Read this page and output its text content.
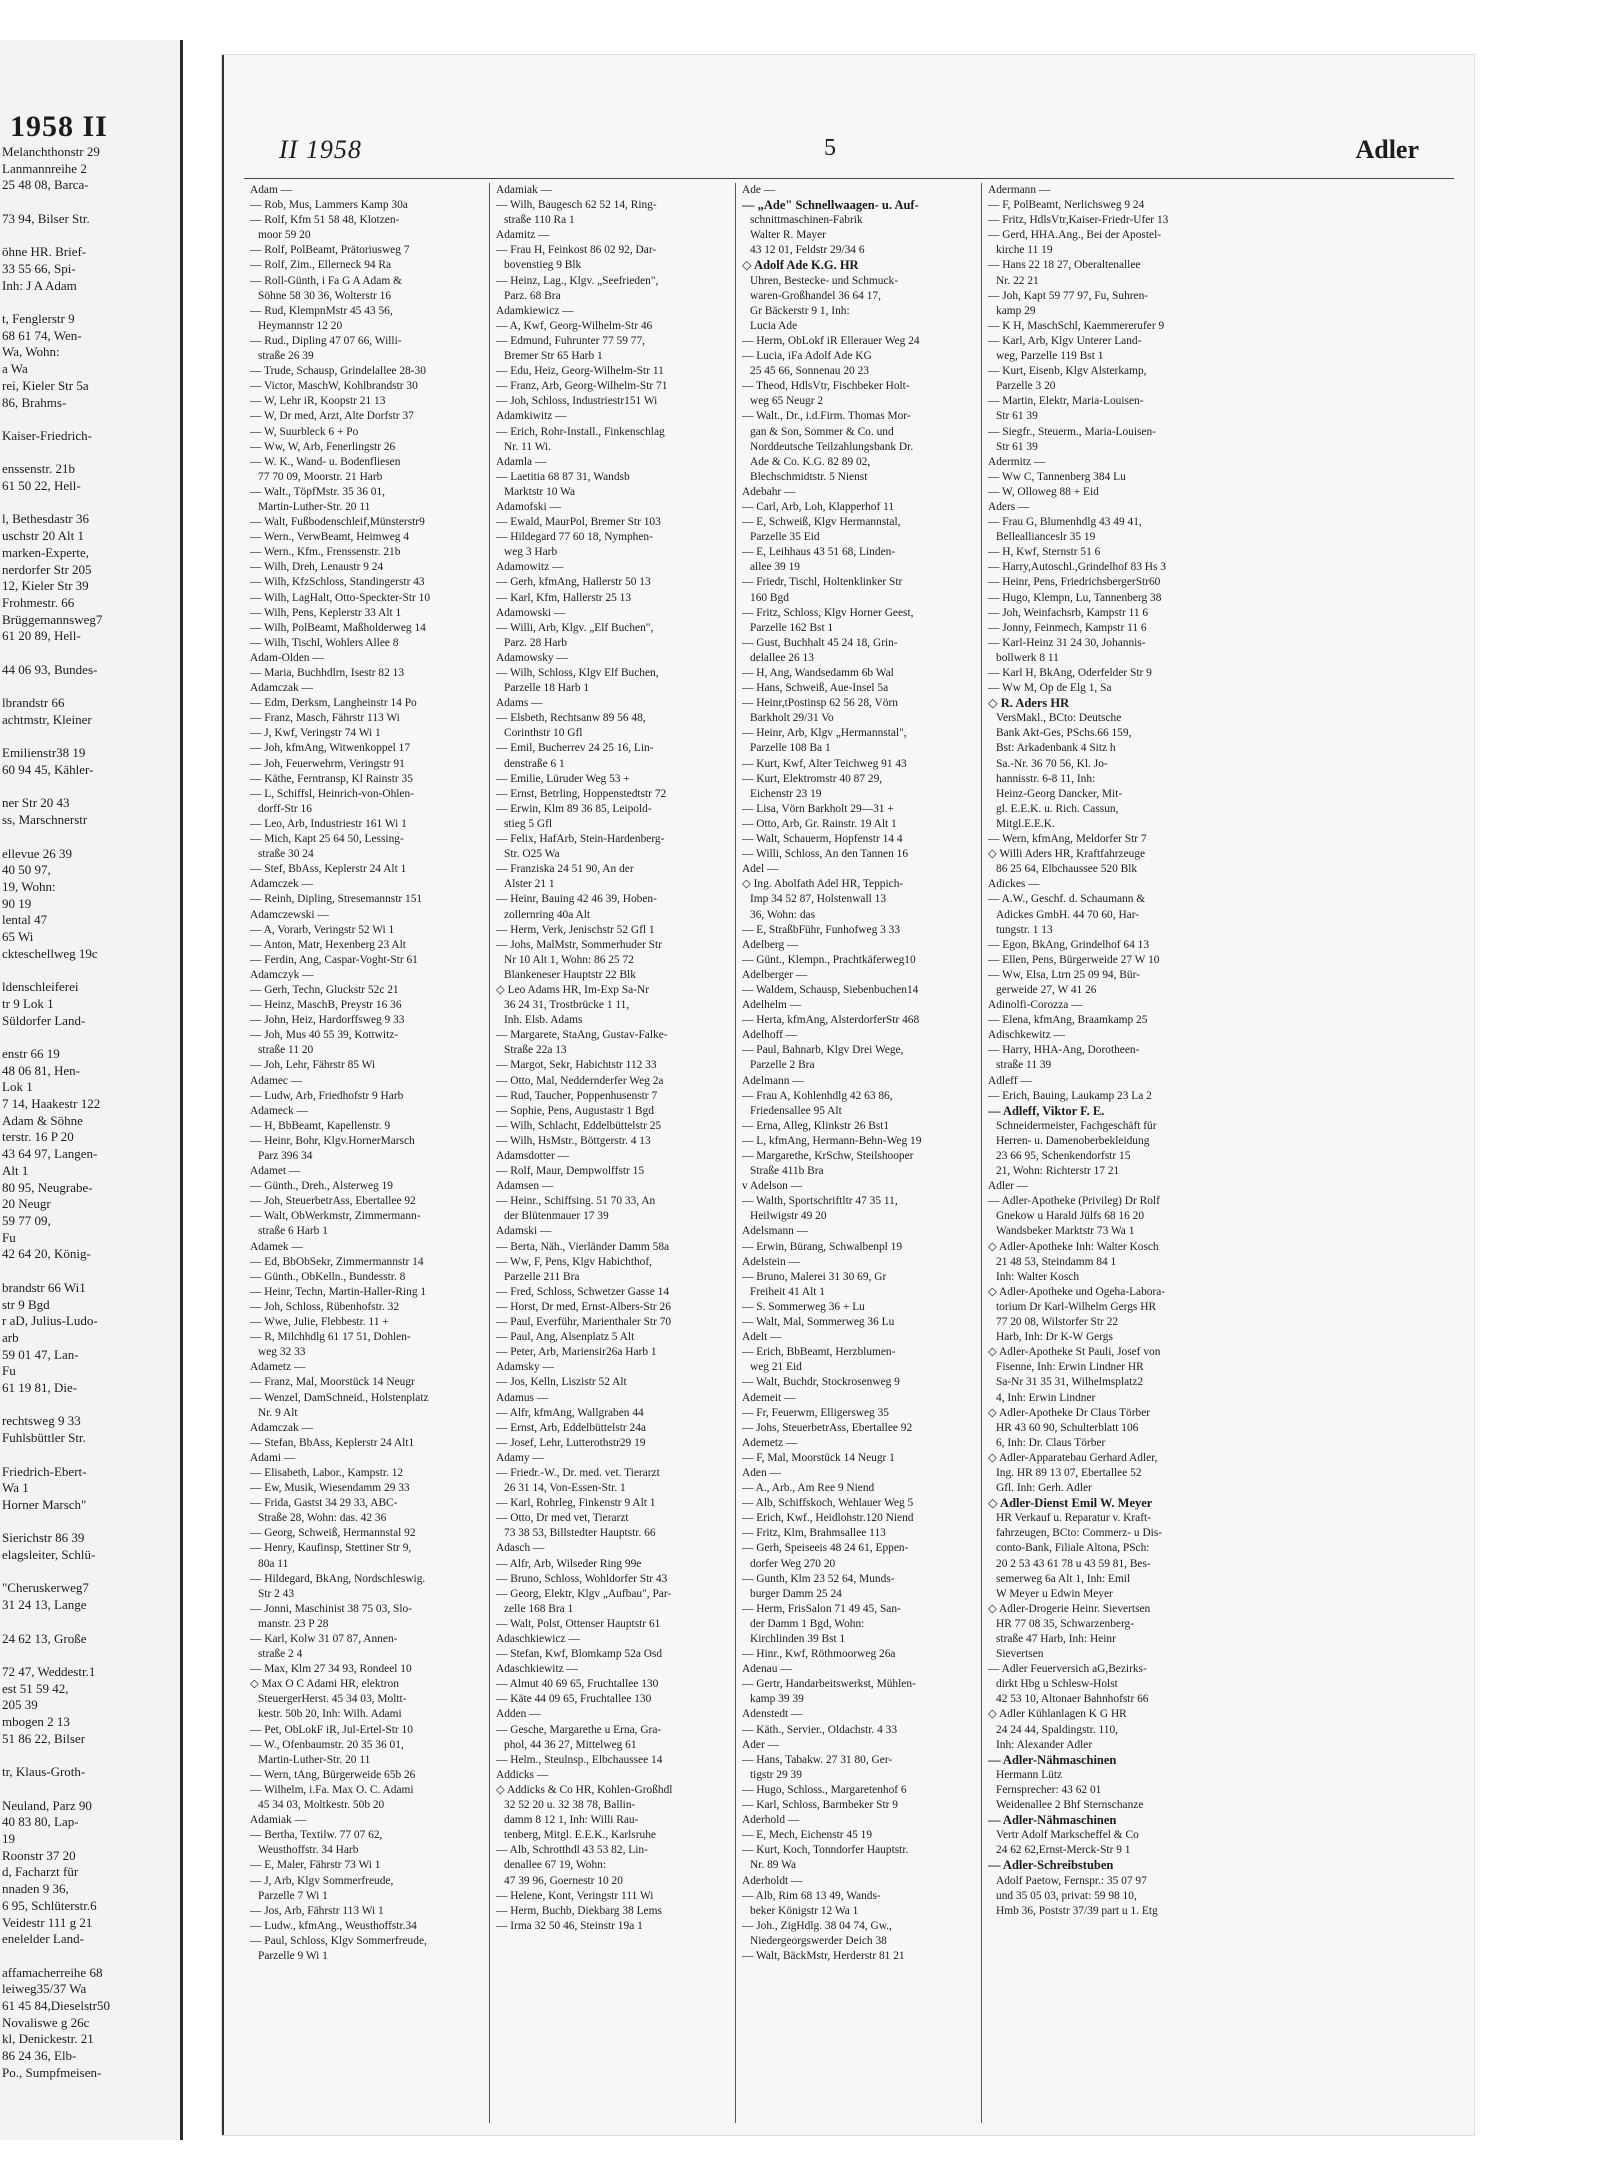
1958 II
Melanchthonstr 29
Lanmannreihe 2
25 48 08, Barca-

73 94, Bilser Str.

öhne HR. Brief-
33 55 66, Spi-
Inh: J A Adam

t, Fenglerstr 9
68 61 74, Wen-
Wa, Wohn:
a Wa
rei, Kieler Str 5a
86, Brahms-

Kaiser-Friedrich-

enssenstr. 21b
61 50 22, Hell-

l, Bethesdastr 36
uschstr 20 Alt 1
marken-Experte,
nerdorfer Str 205
12, Kieler Str 39
Frohmestr. 66
Brüggemannsweg7
61 20 89, Hell-

44 06 93, Bundes-

lbrandstr 66
achtmstr, Kleiner

Emilienstr38 19
60 94 45, Kähler-

ner Str 20 43
ss, Marschnerstr

ellevue 26 39
40 50 97,
19, Wohn:
90 19
lental 47
65 Wi
ckteschellweg 19c

ldenschleiferei
tr 9 Lok 1
Süldorfer Land-

enstr 66 19
48 06 81, Hen-
Lok 1
7 14, Haakestr 122
Adam & Söhne
terstr. 16 P 20
43 64 97, Langen-
Alt 1
80 95, Neugrabe-
20 Neugr
59 77 09,
Fu
42 64 20, König-

brandstr 66 Wi1
str 9 Bgd
r aD, Julius-Ludo-
arb
59 01 47, Lan-
Fu
61 19 81, Die-

rechtsweg 9 33
Fuhlsbüttler Str.

Friedrich-Ebert-
Wa 1
Horner Marsch"

Sierichstr 86 39
elagsleiter, Schlü-

"Cheruskerweg7
31 24 13, Lange

24 62 13, Große

72 47, Weddestr.1
est 51 59 42,
205 39
mbogen 2 13
51 86 22, Bilser

tr, Klaus-Groth-

Neuland, Parz 90
40 83 80, Lap-
19
Roonstr 37 20
d, Facharzt für
nnaden 9 36,
6 95, Schlüterstr.6
Veidestr 111 g 21
enelelder Land-

affamacherreihe 68
leiweg35/37 Wa
61 45 84,Dieselstr50
Novaliswe g 26c
kl, Denickestr. 21
86 24 36, Elb-
Po., Sumpfmeisen-
II 1958	5	Adler
Adam —
— Rob, Mus, Lammers Kamp 30a
— Rolf, Kfm 51 58 48, Klotzen-
moor 59 20
— Rolf, PolBeamt, Prätoriusweg 7
— Rolf, Zim., Ellerneck 94 Ra
— Roll-Günth, i Fa G A Adam &
Söhne 58 30 36, Wolterstr 16
— Rud, KlempnMstr 45 43 56,
Heymannstr 12 20
— Rud., Dipling 47 07 66, Willi-
straße 26 39
— Trude, Schausp, Grindelallee 28-30
— Victor, MaschW, Kohlbrandstr 30
— W, Lehr iR, Koopstr 21 13
— W, Dr med, Arzt, Alte Dorfstr 37
— W, Suurbleck 6 + Po
— Ww, W, Arb, Fenerlingstr 26
— W. K., Wand- u. Bodenfliesen
77 70 09, Moorstr. 21 Harb
— Walt., TöpfMstr. 35 36 01,
Martin-Luther-Str. 20 11
— Walt, Fußbodenschleif,Münsterstr9
— Wern., VerwBeamt, Heimweg 4
— Wern., Kfm., Frenssenstr. 21b
— Wilh, Dreh, Lenaustr 9 24
— Wilh, KfzSchloss, Standingerstr 43
— Wilh, LagHalt, Otto-Speckter-Str 10
— Wilh, Pens, Keplerstr 33 Alt 1
— Wilh, PolBeamt, Maßholderweg 14
— Wilh, Tischl, Wohlers Allee 8
Adam-Olden —
— Maria, Buchhdlrn, Isestr 82 13
Adamczak —
— Edm, Derksm, Langheinstr 14 Po
— Franz, Masch, Fährstr 113 Wi
— J, Kwf, Veringstr 74 Wi 1
— Joh, kfmAng, Witwenkoppel 17
— Joh, Feuerwehrm, Veringstr 91
— Käthe, Ferntransp, Kl Rainstr 35
— L, Schiffsl, Heinrich-von-Ohlen-
dorff-Str 16
— Leo, Arb, Industriestr 161 Wi 1
— Mich, Kapt 25 64 50, Lessing-
straße 30 24
— Stef, BbAss, Keplerstr 24 Alt 1
Adamczek —
— Reinh, Dipling, Stresemannstr 151
Adamczewski —
— A, Vorarb, Veringstr 52 Wi 1
— Anton, Matr, Hexenberg 23 Alt
— Ferdin, Ang, Caspar-Voght-Str 61
Adamczyk —
— Gerh, Techn, Gluckstr 52c 21
— Heinz, MaschB, Preystr 16 36
— John, Heiz, Hardorffsweg 9 33
— Joh, Mus 40 55 39, Kottwitz-
straße 11 20
— Joh, Lehr, Fährstr 85 Wi
Adamec —
— Ludw, Arb, Friedhofstr 9 Harb
Adameck —
— H, BbBeamt, Kapellenstr. 9
— Heinr, Bohr, Klgv.HornerMarsch
Parz 396 34
Adamet —
— Günth., Dreh., Alsterweg 19
— Joh, SteuerbetrAss, Ebertallee 92
— Walt, ObWerkmstr, Zimmermann-
straße 6 Harb 1
Adamek —
— Ed, BbObSekr, Zimmermannstr 14
— Günth., ObKelln., Bundesstr. 8
— Heinr, Techn, Martin-Haller-Ring 1
— Joh, Schloss, Rübenhofstr. 32
— Wwe, Julie, Flebbestr. 11 +
— R, Milchhdlg 61 17 51, Dohlen-
weg 32 33
Adametz —
— Franz, Mal, Moorstück 14 Neugr
— Wenzel, DamSchneid., Holstenplatz
Nr. 9 Alt
Adamczak —
— Stefan, BbAss, Keplerstr 24 Alt1
Adami —
— Elisabeth, Labor., Kampstr. 12
— Ew, Musik, Wiesendamm 29 33
— Frida, Gastst 34 29 33, ABC-
Straße 28, Wohn: das. 42 36
— Georg, Schweiß, Hermannstal 92
— Henry, Kaufinsp, Stettiner Str 9,
80a 11
— Hildegard, BkAng, Nordschleswig.
Str 2 43
— Jonni, Maschinist 38 75 03, Slo-
manstr. 23 P 28
— Karl, Kolw 31 07 87, Annen-
straße 2 4
— Max, Klm 27 34 93, Rondeel 10
◇ Max O C Adami HR, elektron
SteuergerHerst. 45 34 03, Moltt-
kestr. 50b 20, Inh: Wilh. Adami
— Pet, ObLokF iR, Jul-Ertel-Str 10
— W., Ofenbaumstr. 20 35 36 01,
Martin-Luther-Str. 20 11
— Wern, tAng, Bürgerweide 65b 26
— Wilhelm, i.Fa. Max O. C. Adami
45 34 03, Moltkestr. 50b 20
Adamiak —
— Bertha, Textilw. 77 07 62,
Weusthoffstr. 34 Harb
— E, Maler, Fährstr 73 Wi 1
— J, Arb, Klgv Sommerfreude,
Parzelle 7 Wi 1
— Jos, Arb, Fährstr 113 Wi 1
— Ludw., kfmAng., Weusthoffstr.34
— Paul, Schloss, Klgv Sommerfreude,
Parzelle 9 Wi 1
Adamiak —
— Wilh, Baugesch 62 52 14, Ring-
straße 110 Ra 1
Adamitz —
— Frau H, Feinkost 86 02 92, Dar-
bovenstieg 9 Blk
— Heinz, Lag., Klgv. „Seefrieden",
Parz. 68 Bra
Adamkiewicz —
— A, Kwf, Georg-Wilhelm-Str 46
— Edmund, Fuhrunter 77 59 77,
Bremer Str 65 Harb 1
— Edu, Heiz, Georg-Wilhelm-Str 11
— Franz, Arb, Georg-Wilhelm-Str 71
— Joh, Schloss, Industriestr151 Wi
Adamkiwitz —
— Erich, Rohr-Install., Finkenschlag
Nr. 11 Wi.
Adamla —
— Laetitia 68 87 31, Wandsb
Marktstr 10 Wa
Adamofski —
— Ewald, MaurPol, Bremer Str 103
— Hildegard 77 60 18, Nymphen-
weg 3 Harb
Adamowitz —
— Gerh, kfmAng, Hallerstr 50 13
— Karl, Kfm, Hallerstr 25 13
Adamowski —
— Willi, Arb, Klgv. „Elf Buchen",
Parz. 28 Harb
Adamowsky —
— Wilh, Schloss, Klgv Elf Buchen,
Parzelle 18 Harb 1
Adams —
— Elsbeth, Rechtsanw 89 56 48,
Corinthstr 10 Gfl
— Emil, Bucherrev 24 25 16, Lin-
denstraße 6 1
— Emilie, Lüruder Weg 53 +
— Ernst, Betrling, Hoppenstedtstr 72
— Erwin, Klm 89 36 85, Leipold-
stieg 5 Gfl
— Felix, HafArb, Stein-Hardenberg-
Str. O25 Wa
— Franziska 24 51 90, An der
Alster 21 1
— Heinr, Bauing 42 46 39, Hoben-
zollernring 40a Alt
— Herm, Verk, Jenischstr 52 Gfl 1
— Johs, MalMstr, Sommerhuder Str
Nr 10 Alt 1, Wohn: 86 25 72
Blankeneser Hauptstr 22 Blk
◇ Leo Adams HR, Im-Exp Sa-Nr
36 24 31, Trostbrücke 1 11,
Inh. Elsb. Adams
— Margarete, StaAng, Gustav-Falke-
Straße 22a 13
— Margot, Sekr, Habichtstr 112 33
— Otto, Mal, Neddernderfer Weg 2a
— Rud, Taucher, Poppenhusenstr 7
— Sophie, Pens, Augustastr 1 Bgd
— Wilh, Schlacht, Eddelbüttelstr 25
— Wilh, HsMstr., Böttgerstr. 4 13
Adamsdotter —
— Rolf, Maur, Dempwolffstr 15
Adamsen —
— Heinr., Schiffsing. 51 70 33, An
der Blütenmauer 17 39
Adamski —
— Berta, Näh., Vierländer Damm 58a
— Ww, F, Pens, Klgv Habichthof,
Parzelle 211 Bra
— Fred, Schloss, Schwetzer Gasse 14
— Horst, Dr med, Ernst-Albers-Str 26
— Paul, Everführ, Marienthaler Str 70
— Paul, Ang, Alsenplatz 5 Alt
— Peter, Arb, Mariensir26a Harb 1
Adamsky —
— Jos, Kelln, Liszistr 52 Alt
Adamus —
— Alfr, kfmAng, Wallgraben 44
— Ernst, Arb, Eddelbüttelstr 24a
— Josef, Lehr, Lutterothstr29 19
Adamy —
— Friedr.-W., Dr. med. vet. Tierarzt
26 31 14, Von-Essen-Str. 1
— Karl, Rohrleg, Finkenstr 9 Alt 1
— Otto, Dr med vet, Tierarzt
73 38 53, Billstedter Hauptstr. 66
Adasch —
— Alfr, Arb, Wilseder Ring 99e
— Bruno, Schloss, Wohldorfer Str 43
— Georg, Elektr, Klgv „Aufbau", Par-
zelle 168 Bra 1
— Walt, Polst, Ottenser Hauptstr 61
Adaschkiewicz —
— Stefan, Kwf, Blomkamp 52a Osd
Adaschkiewitz —
— Almut 40 69 65, Fruchtallee 130
— Käte 44 09 65, Fruchtallee 130
Adden —
— Gesche, Margarethe u Erna, Gra-
phol, 44 36 27, Mittelweg 61
— Helm., Steulnsp., Elbchaussee 14
Addicks —
◇ Addicks & Co HR, Kohlen-Großhdl
32 52 20 u. 32 38 78, Ballin-
damm 8 12 1, Inh: Willi Rau-
tenberg, Mitgl. E.E.K., Karlsruhe
— Alb, Schrotthdl 43 53 82, Lin-
denallee 67 19, Wohn:
47 39 96, Goernestr 10 20
— Helene, Kont, Veringstr 111 Wi
— Herm, Buchb, Diekbarg 38 Lems
— Irma 32 50 46, Steinstr 19a 1
Ade —
— „Ade" Schnellwaagen- u. Auf-
schnittmaschinen-Fabrik
Walter R. Mayer
43 12 01, Feldstr 29/34 6
◇ Adolf Ade K.G. HR
Uhren, Bestecke- und Schmuck-
waren-Großhandel 36 64 17,
Gr Bäckerstr 9 1, Inh:
Lucia Ade
— Herm, ObLokf iR Ellerauer Weg 24
— Lucia, iFa Adolf Ade KG
25 45 66, Sonnenau 20 23
— Theod, HdlsVtr, Fischbeker Holt-
weg 65 Neugr 2
— Walt., Dr., i.d.Firm. Thomas Mor-
gan & Son, Sommer & Co. und
Norddeutsche Teilzahlungsbank Dr.
Ade & Co. K.G. 82 89 02,
Blechschmidtstr. 5 Nienst
Adebahr —
— Carl, Arb, Loh, Klapperhof 11
— E, Schweiß, Klgv Hermannstal,
Parzelle 35 Eid
— E, Leihhaus 43 51 68, Linden-
allee 39 19
— Friedr, Tischl, Holtenklinker Str
160 Bgd
— Fritz, Schloss, Klgv Horner Geest,
Parzelle 162 Bst 1
— Gust, Buchhalt 45 24 18, Grin-
delallee 26 13
— H, Ang, Wandsedamm 6b Wal
— Hans, Schweiß, Aue-Insel 5a
— Heinr,tPostinsp 62 56 28, Vörn
Barkholt 29/31 Vo
— Heinr, Arb, Klgv „Hermannstal",
Parzelle 108 Ba 1
— Kurt, Kwf, Alter Teichweg 91 43
— Kurt, Elektromstr 40 87 29,
Eichenstr 23 19
— Lisa, Vörn Barkholt 29—31 +
— Otto, Arb, Gr. Rainstr. 19 Alt 1
— Walt, Schauerm, Hopfenstr 14 4
— Willi, Schloss, An den Tannen 16
Adel —
◇ Ing. Abolfath Adel HR, Teppich-
Imp 34 52 87, Holstenwall 13
36, Wohn: das
— E, StraßbFühr, Funhofweg 3 33
Adelberg —
— Günt., Klempn., Prachtkäferweg10
Adelberger —
— Waldem, Schausp, Siebenbuchen14
Adelhelm —
— Herta, kfmAng, AlsterdorferStr 468
Adelhoff —
— Paul, Bahnarb, Klgv Drei Wege,
Parzelle 2 Bra
Adelmann —
— Frau A, Kohlenhdlg 42 63 86,
Friedensallee 95 Alt
— Erna, Alleg, Klinkstr 26 Bst1
— L, kfmAng, Hermann-Behn-Weg 19
— Margarethe, KrSchw, Steilshooper
Straße 411b Bra
v Adelson —
— Walth, Sportschriftltr 47 35 11,
Heilwigstr 49 20
Adelsmann —
— Erwin, Bürang, Schwalbenpl 19
Adelstein —
— Bruno, Malerei 31 30 69, Gr
Freiheit 41 Alt 1
— S. Sommerweg 36 + Lu
— Walt, Mal, Sommerweg 36 Lu
Adelt —
— Erich, BbBeamt, Herzblumen-
weg 21 Eid
— Walt, Buchdr, Stockrosenweg 9
Ademeit —
— Fr, Feuerwm, Elligersweg 35
— Johs, SteuerbetrAss, Ebertallee 92
Ademetz —
— F, Mal, Moorstück 14 Neugr 1
Aden —
— A., Arb., Am Ree 9 Niend
— Alb, Schiffskoch, Wehlauer Weg 5
— Erich, Kwf., Heidlohstr.120 Niend
— Fritz, Klm, Brahmsallee 113
— Gerh, Speiseeis 48 24 61, Eppen-
dorfer Weg 270 20
— Gunth, Klm 23 52 64, Munds-
burger Damm 25 24
— Herm, FrisSalon 71 49 45, San-
der Damm 1 Bgd, Wohn:
Kirchlinden 39 Bst 1
— Hinr., Kwf, Röthmoorweg 26a
Adenau —
— Gertr, Handarbeitswerkst, Mühlen-
kamp 39 39
Adenstedt —
— Käth., Servier., Oldachstr. 4 33
Ader —
— Hans, Tabakw. 27 31 80, Ger-
tigstr 29 39
— Hugo, Schloss., Margaretenhof 6
— Karl, Schloss, Barmbeker Str 9
Aderhold —
— E, Mech, Eichenstr 45 19
— Kurt, Koch, Tonndorfer Hauptstr.
Nr. 89 Wa
Aderholdt —
— Alb, Rim 68 13 49, Wands-
beker Königstr 12 Wa 1
— Joh., ZigHdlg. 38 04 74, Gw.,
Niedergeorgswerder Deich 38
— Walt, BäckMstr, Herderstr 81 21
Adermann —
— F, PolBeamt, Nerlichsweg 9 24
— Fritz, HdlsVtr,Kaiser-Friedr-Ufer 13
— Gerd, HHA.Ang., Bei der Apostel-
kirche 11 19
— Hans 22 18 27, Oberaltenallee
Nr. 22 21
— Joh, Kapt 59 77 97, Fu, Suhren-
kamp 29
— K H, MaschSchl, Kaemmererufer 9
— Karl, Arb, Klgv Unterer Land-
weg, Parzelle 119 Bst 1
— Kurt, Eisenb, Klgv Alsterkamp,
Parzelle 3 20
— Martin, Elektr, Maria-Louisen-
Str 61 39
— Siegfr., Steuerm., Maria-Louisen-
Str 61 39
Adermitz —
— Ww C, Tannenberg 384 Lu
— W, Olloweg 88 + Eid
Aders —
— Frau G, Blumenhdlg 43 49 41,
Belleallianceslr 35 19
— H, Kwf, Sternstr 51 6
— Harry,Autoschl.,Grindelhof 83 Hs 3
— Heinr, Pens, FriedrichsbergerStr60
— Hugo, Klempn, Lu, Tannenberg 38
— Joh, Weinfachsrb, Kampstr 11 6
— Jonny, Feinmech, Kampstr 11 6
— Karl-Heinz 31 24 30, Johannis-
bollwerk 8 11
— Karl H, BkAng, Oderfelder Str 9
— Ww M, Op de Elg 1, Sa
◇ R. Aders HR
VersMakl., BCto: Deutsche
Bank Akt-Ges, PSchs.66 159,
Bst: Arkadenbank 4 Sitz h
Sa.-Nr. 36 70 56, Kl. Jo-
hannisstr. 6-8 11, Inh:
Heinz-Georg Dancker, Mit-
gl. E.E.K. u. Rich. Cassun,
Mitgl.E.E.K.
— Wern, kfmAng, Meldorfer Str 7
◇ Willi Aders HR, Kraftfahrzeuge
86 25 64, Elbchaussee 520 Blk
Adickes —
— A.W., Geschf. d. Schaumann &
Adickes GmbH. 44 70 60, Har-
tungstr. 1 13
— Egon, BkAng, Grindelhof 64 13
— Ellen, Pens, Bürgerweide 27 W 10
— Ww, Elsa, Ltrn 25 09 94, Bür-
gerweide 27, W 41 26
Adinolfi-Corozza —
— Elena, kfmAng, Braamkamp 25
Adischkewitz —
— Harry, HHA-Ang, Dorotheen-
straße 11 39
Adleff —
— Erich, Bauing, Laukamp 23 La 2
— Adleff, Viktor F. E.
Schneidermeister, Fachgeschäft für
Herren- u. Damenoberbekleidung
23 66 95, Schenkendorfstr 15
21, Wohn: Richterstr 17 21
Adler —
— Adler-Apotheke (Privileg) Dr Rolf
Gnekow u Harald Jülfs 68 16 20
Wandsbeker Marktstr 73 Wa 1
◇ Adler-Apotheke Inh: Walter Kosch
21 48 53, Steindamm 84 1
Inh: Walter Kosch
◇ Adler-Apotheke und Ogeha-Labora-
torium Dr Karl-Wilhelm Gergs HR
77 20 08, Wilstorfer Str 22
Harb, Inh: Dr K-W Gergs
◇ Adler-Apotheke St Pauli, Josef von
Fisenne, Inh: Erwin Lindner HR
Sa-Nr 31 35 31, Wilhelmsplatz2
4, Inh: Erwin Lindner
◇ Adler-Apotheke Dr Claus Törber
HR 43 60 90, Schulterblatt 106
6, Inh: Dr. Claus Törber
◇ Adler-Apparatebau Gerhard Adler,
Ing. HR 89 13 07, Ebertallee 52
Gfl. Inh: Gerh. Adler
◇ Adler-Dienst Emil W. Meyer
HR Verkauf u. Reparatur v. Kraft-
fahrzeugen, BCto: Commerz- u Dis-
conto-Bank, Filiale Altona, PSch:
20 2 53 43 61 78 u 43 59 81, Bes-
semerweg 6a Alt 1, Inh: Emil
W Meyer u Edwin Meyer
◇ Adler-Drogerie Heinr. Sievertsen
HR 77 08 35, Schwarzenberg-
straße 47 Harb, Inh: Heinr
Sievertsen
— Adler Feuerversich aG,Bezirks-
dirkt Hbg u Schlesw-Holst
42 53 10, Altonaer Bahnhofstr 66
◇ Adler Kühlanlagen K G HR
24 24 44, Spaldingstr. 110,
Inh: Alexander Adler
— Adler-Nähmaschinen
Hermann Lütz
Fernsprecher: 43 62 01
Weidenallee 2 Bhf Sternschanze
— Adler-Nähmaschinen
Vertr Adolf Markscheffel & Co
24 62 62,Ernst-Merck-Str 9 1
— Adler-Schreibstuben
Adolf Paetow, Fernspr.: 35 07 97
und 35 05 03, privat: 59 98 10,
Hmb 36, Poststr 37/39 part u 1. Etg
